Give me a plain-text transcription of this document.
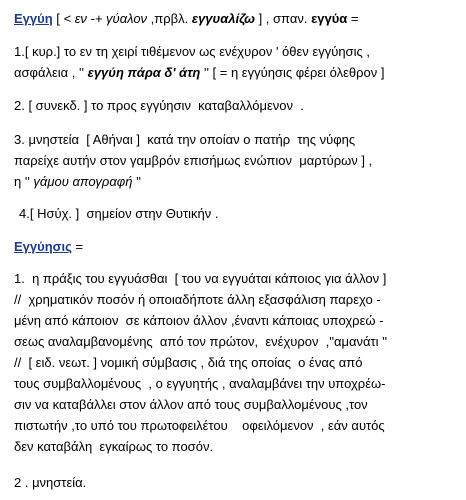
Εγγύη [ < εν -+ γύαλον ,πρβλ. εγγυαλίζω ] , σπαν. εγγύα =
1.[ κυρ.] το εν τη χειρί τιθέμενον ως ενέχυρον ' όθεν εγγύησις ,
ασφάλεια , '' εγγύη πάρα δ' άτη '' [ = η εγγύησις φέρει όλεθρον ]
2. [ συνεκδ. ] το προς εγγύησιν  καταβαλλόμενον  .
3. μνηστεία  [ Αθήναι ]  κατά την οποίαν ο πατήρ  της νύφης
παρείχε αυτήν στον γαμβρόν επισήμως ενώπιον  μαρτύρων ] ,
η '' γάμου απογραφή ''
4.[ Ησύχ. ]  σημείον στην Θυτικήν .
Εγγύησις =
1.  η πράξις του εγγυάσθαι  [ του να εγγυάται κάποιος για άλλον ]
//  χρηματικόν ποσόν ή οποιαδήποτε άλλη εξασφάλιση παρεχο -
μένη από κάποιον  σε κάποιον άλλον ,έναντι κάποιας υποχρεώ -
σεως αναλαμβανομένης  από τον πρώτον,  ενέχυρον  ,"αμανάτι ''
//  [ ειδ. νεωτ. ] νομική σύμβασις , διά της οποίας  ο ένας από
τους συμβαλλομένους  , ο εγγυητής , αναλαμβάνει την υποχρέω-
σιν να καταβάλλει στον άλλον από τους συμβαλλομένους ,τον
πιστωτήν ,το υπό του πρωτοφειλέτου    οφειλόμενον  , εάν αυτός
δεν καταβάλη  εγκαίρως το ποσόν.
2 . μνηστεία.
